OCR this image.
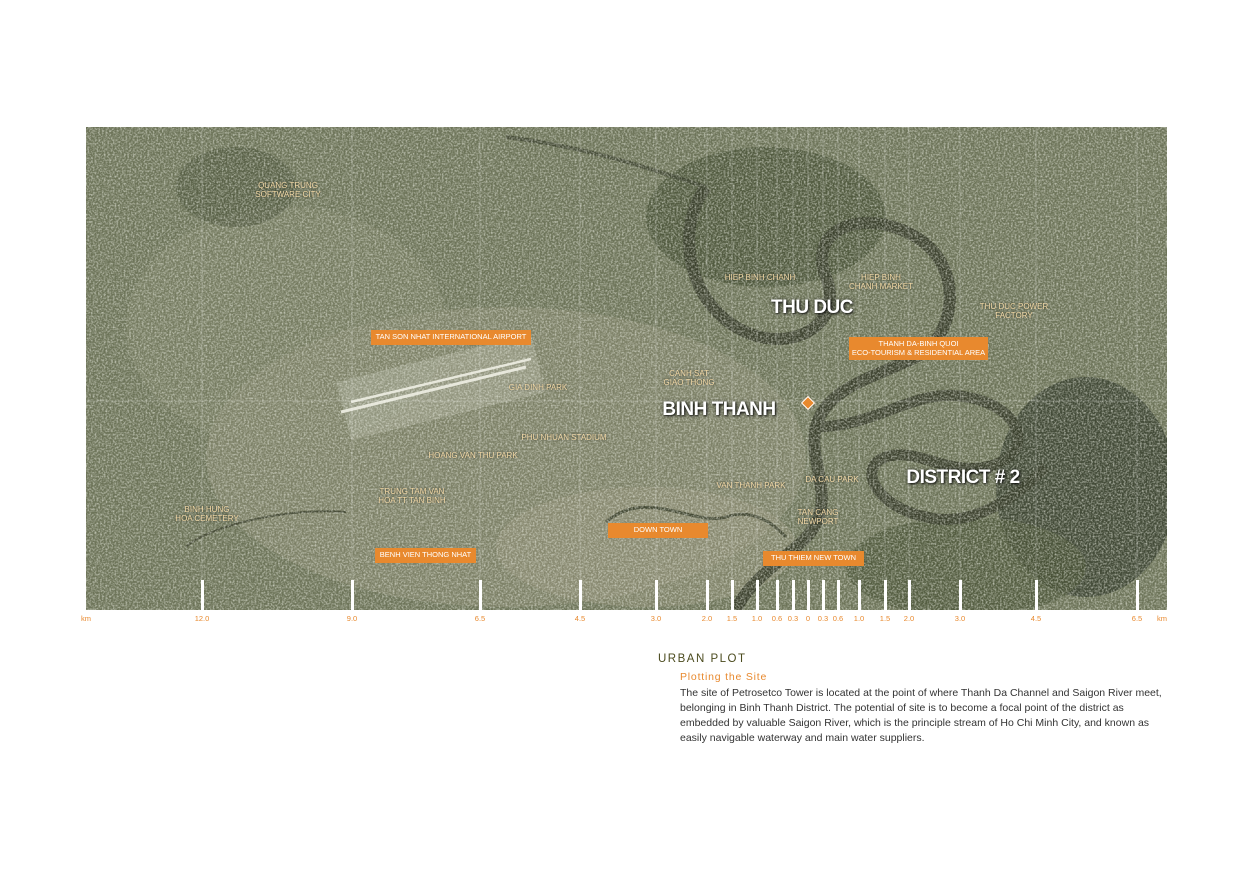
QUANG TRUNG
SOFTWARE CITY
HIEP BINH CHANH	HIEP BINH
CHANH MARKET
THU DUC POWER
FACTORY
GIA DINH PARK
CANH SAT
GIAO THONG
PHU NHUAN STADIUM
HOANG VAN THU PARK
TRUNG TAM VAN
HOA TT TAN BINH
BINH HUNG
HOA CEMETERY
VAN THANH PARK
DA CAU PARK
TAN CANG
NEWPORT
THU DUC
BINH THANH
DISTRICT # 2
TAN SON NHAT INTERNATIONAL AIRPORT
THANH DA-BINH QUOI
ECO-TOURISM & RESIDENTIAL AREA
DOWN TOWN
BENH VIEN THONG NHAT	THU THIEM NEW TOWN
12.0	9.0	6.5	4.5	3.0	2.0 1.5 1.0 0.6 0.3 0 0.3 0.6 1.0 1.5 2.0	3.0	4.5	6.5
km	km
URBAN PLOT
Plotting the Site
The site of Petrosetco Tower is located at the point of where Thanh Da Channel and Saigon River meet, belonging in Binh Thanh District. The potential of site is to become a focal point of the district as embedded by valuable Saigon River, which is the principle stream of Ho Chi Minh City, and known as easily navigable waterway and main water suppliers.
